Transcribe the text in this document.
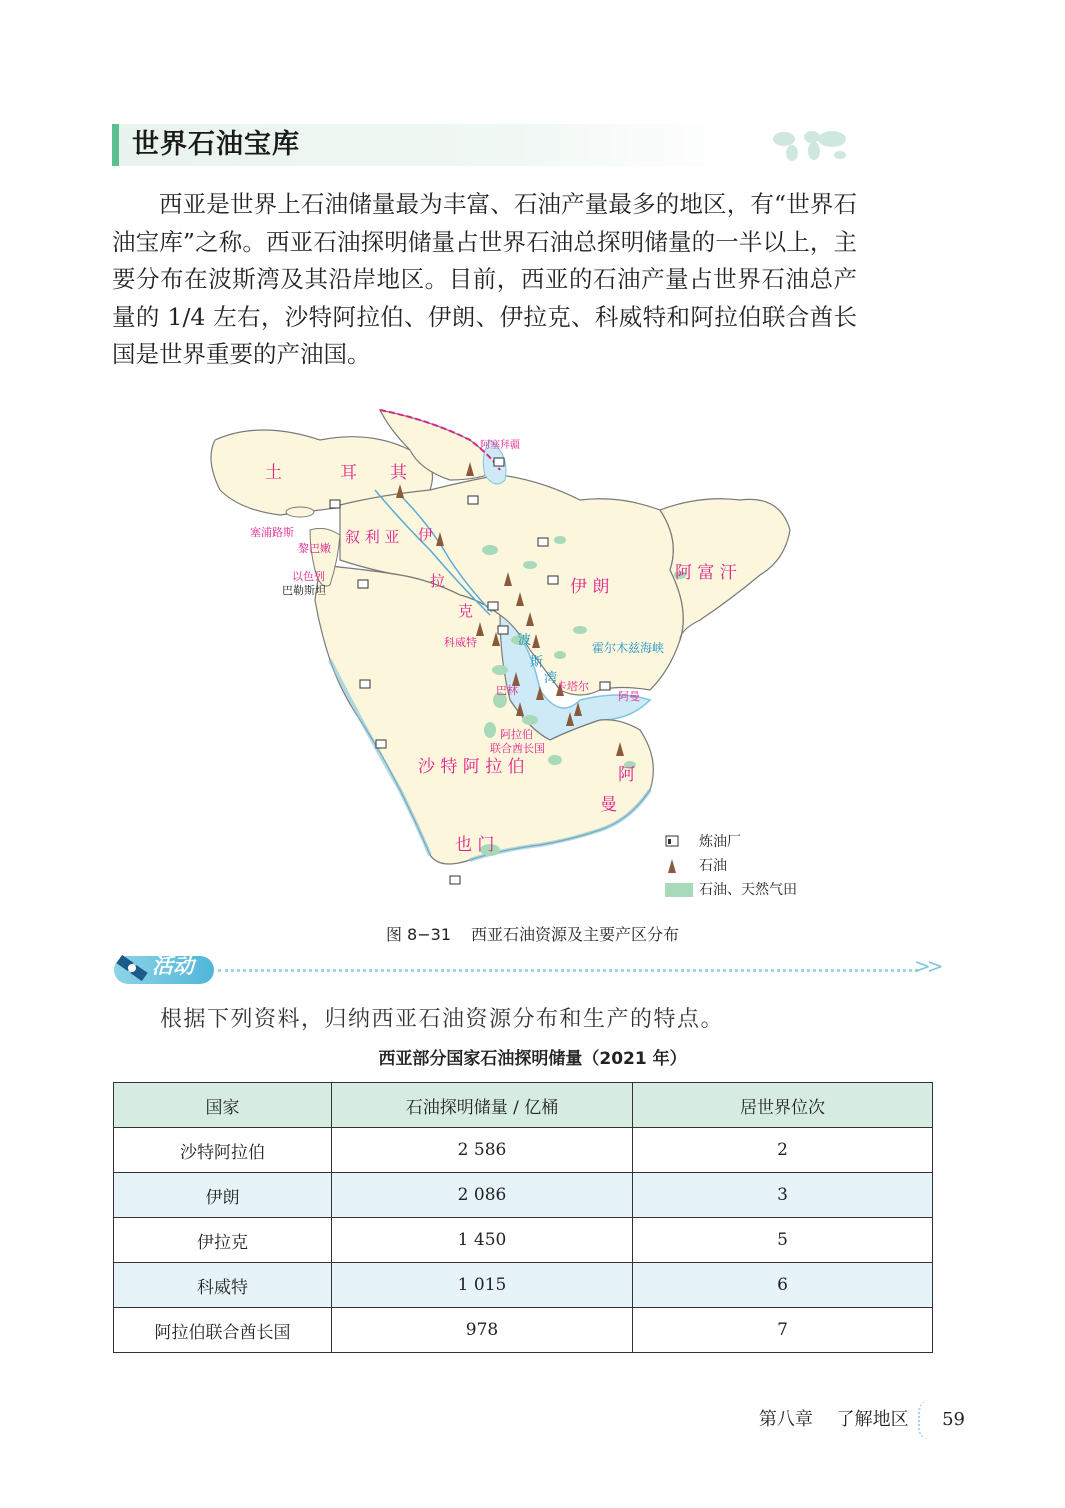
世界石油宝库
西亚是世界上石油储量最为丰富、石油产量最多的地区，有“世界石油宝库”之称。西亚石油探明储量占世界石油总探明储量的一半以上，主要分布在波斯湾及其沿岸地区。目前，西亚的石油产量占世界石油总产量的 1/4 左右，沙特阿拉伯、伊朗、伊拉克、科威特和阿拉伯联合酋长国是世界重要的产油国。
土	耳 其
阿塞拜疆
塞浦路斯
黎巴嫩
叙 利 亚 伊
拉
克
以色列
巴勒斯坦	伊 朗
阿 富 汗
科威特	波
斯
湾
霍尔木兹海峡
巴林	卡塔尔
阿曼
阿拉伯
联合酋长国
沙 特 阿 拉 伯	阿
曼
也 门	炼油厂
石油
石油、天然气田
图 8−31 西亚石油资源及主要产区分布
活动	>>
根据下列资料，归纳西亚石油资源分布和生产的特点。
西亚部分国家石油探明储量（2021 年）
国家	石油探明储量 / 亿桶	居世界位次
沙特阿拉伯	2 586	2
伊朗	2 086	3
伊拉克	1 450	5
科威特	1 015	6
阿拉伯联合酋长国	978	7
第八章 了解地区 59
